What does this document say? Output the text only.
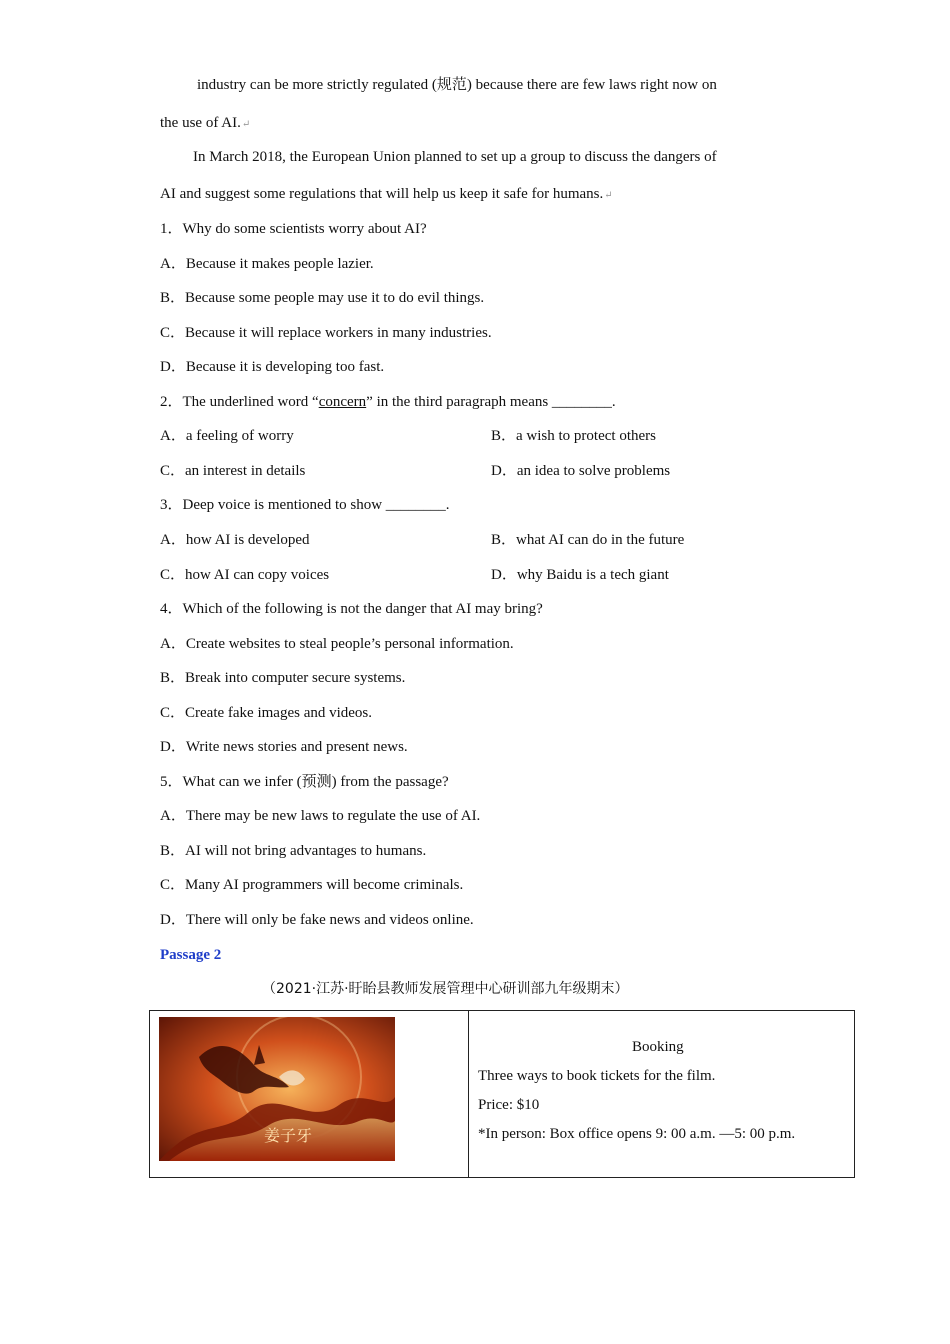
industry can be more strictly regulated (规范) because there are few laws right now on
the use of AI.↵
In March 2018, the European Union planned to set up a group to discuss the dangers of
AI and suggest some regulations that will help us keep it safe for humans.↵
1．Why do some scientists worry about AI?
A．Because it makes people lazier.
B．Because some people may use it to do evil things.
C．Because it will replace workers in many industries.
D．Because it is developing too fast.
2．The underlined word “concern” in the third paragraph means ________.
A．a feeling of worry	B．a wish to protect others
C．an interest in details	D．an idea to solve problems
3．Deep voice is mentioned to show ________.
A．how AI is developed	B．what AI can do in the future
C．how AI can copy voices	D．why Baidu is a tech giant
4．Which of the following is not the danger that AI may bring?
A．Create websites to steal people’s personal information.
B．Break into computer secure systems.
C．Create fake images and videos.
D．Write news stories and present news.
5．What can we infer (预测) from the passage?
A．There may be new laws to regulate the use of AI.
B．AI will not bring advantages to humans.
C．Many AI programmers will become criminals.
D．There will only be fake news and videos online.
Passage 2
（2021·江苏·盱眙县教师发展管理中心研训部九年级期末）

姜子牙
Booking
Three ways to book tickets for the film.
Price: $10
*In person: Box office opens 9: 00 a.m. —5: 00 p.m.
